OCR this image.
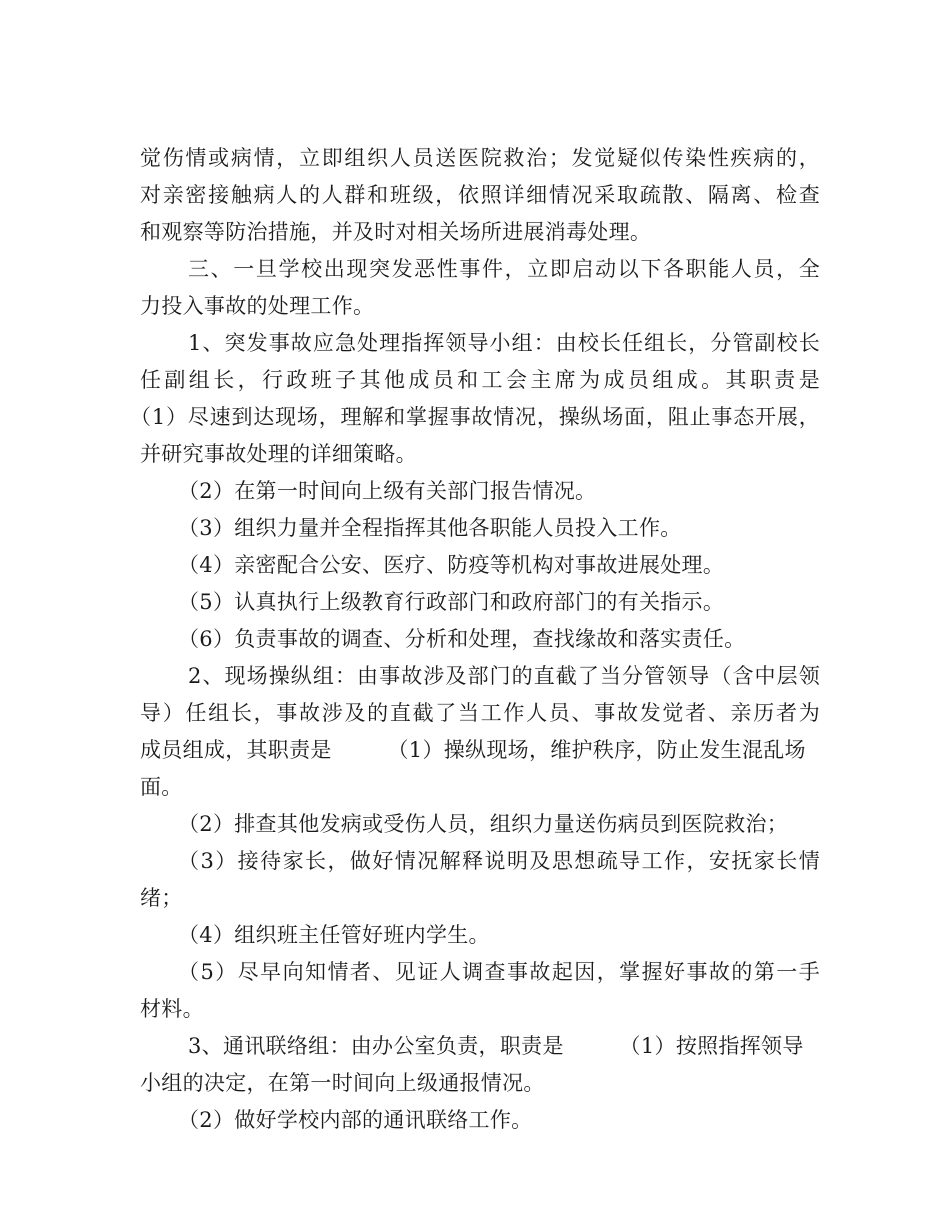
觉伤情或病情，立即组织人员送医院救治；发觉疑似传染性疾病的，
对亲密接触病人的人群和班级，依照详细情况采取疏散、隔离、检查
和观察等防治措施，并及时对相关场所进展消毒处理。
三、一旦学校出现突发恶性事件，立即启动以下各职能人员，全
力投入事故的处理工作。
1、突发事故应急处理指挥领导小组：由校长任组长，分管副校长
任副组长，行政班子其他成员和工会主席为成员组成。其职责是
（1）尽速到达现场，理解和掌握事故情况，操纵场面，阻止事态开展，
并研究事故处理的详细策略。
（2）在第一时间向上级有关部门报告情况。
（3）组织力量并全程指挥其他各职能人员投入工作。
（4）亲密配合公安、医疗、防疫等机构对事故进展处理。
（5）认真执行上级教育行政部门和政府部门的有关指示。
（6）负责事故的调查、分析和处理，查找缘故和落实责任。
2、现场操纵组：由事故涉及部门的直截了当分管领导（含中层领
导）任组长，事故涉及的直截了当工作人员、事故发觉者、亲历者为
成员组成，其职责是        （1）操纵现场，维护秩序，防止发生混乱场
面。
（2）排查其他发病或受伤人员，组织力量送伤病员到医院救治；
（3）接待家长，做好情况解释说明及思想疏导工作，安抚家长情
绪；
（4）组织班主任管好班内学生。
（5）尽早向知情者、见证人调查事故起因，掌握好事故的第一手
材料。
3、通讯联络组：由办公室负责，职责是        （1）按照指挥领导
小组的决定，在第一时间向上级通报情况。
（2）做好学校内部的通讯联络工作。
